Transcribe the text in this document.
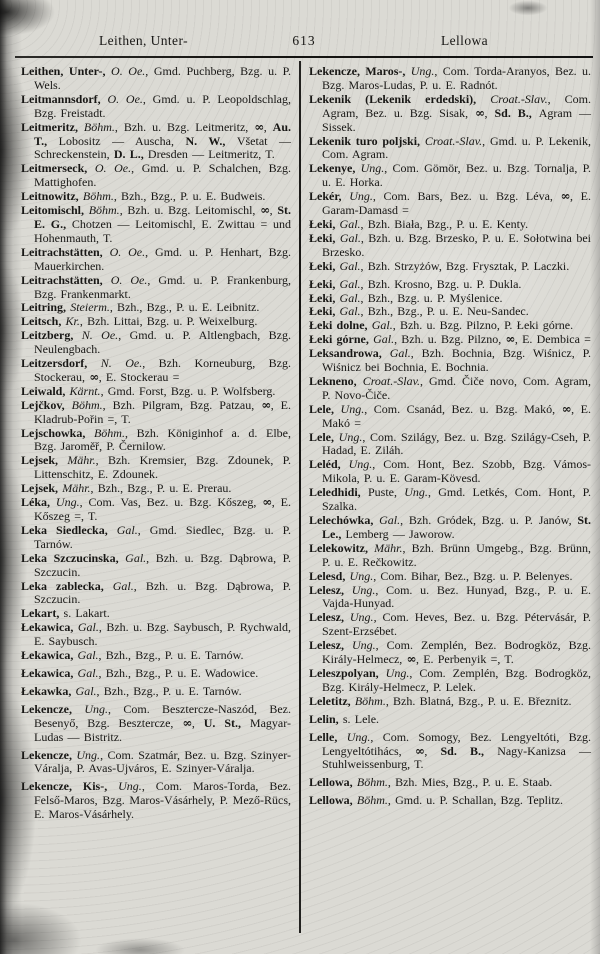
Leithen, Unter-	613	Lellowa

Leithen, Unter-, O. Oe., Gmd. Puchberg, Bzg. u. P. Wels.

Leitmannsdorf, O. Oe., Gmd. u. P. Leopoldschlag, Bzg. Freistadt.

Leitmeritz, Böhm., Bzh. u. Bzg. Leitmeritz, ∞, Au. T., Lobositz — Auscha, N. W., Všetat — Schreckenstein, D. L., Dresden — Leitmeritz, T.

Leitmerseck, O. Oe., Gmd. u. P. Schalchen, Bzg. Mattighofen.

Leitnowitz, Böhm., Bzh., Bzg., P. u. E. Budweis.

Leitomischl, Böhm., Bzh. u. Bzg. Leitomischl, ∞, St. E. G., Chotzen — Leitomischl, E. Zwittau = und Hohenmauth, T.

Leitrachstätten, O. Oe., Gmd. u. P. Henhart, Bzg. Mauerkirchen.

Leitrachstätten, O. Oe., Gmd. u. P. Frankenburg, Bzg. Frankenmarkt.

Leitring, Steierm., Bzh., Bzg., P. u. E. Leibnitz.

Leitsch, Kr., Bzh. Littai, Bzg. u. P. Weixelburg.

Leitzberg, N. Oe., Gmd. u. P. Altlengbach, Bzg. Neulengbach.

Leitzersdorf, N. Oe., Bzh. Korneuburg, Bzg. Stockerau, ∞, E. Stockerau =

Leiwald, Kärnt., Gmd. Forst, Bzg. u. P. Wolfsberg.

Lejčkov, Böhm., Bzh. Pilgram, Bzg. Patzau, ∞, E. Kladrub-Pořin =, T.

Lejschowka, Böhm., Bzh. Königinhof a. d. Elbe, Bzg. Jaroměř, P. Černilow.

Lejsek, Mähr., Bzh. Kremsier, Bzg. Zdounek, P. Littenschitz, E. Zdounek.

Lejsek, Mähr., Bzh., Bzg., P. u. E. Prerau.

Léka, Ung., Com. Vas, Bez. u. Bzg. Kőszeg, ∞, E. Kőszeg =, T.

Leka Siedlecka, Gal., Gmd. Siedlec, Bzg. u. P. Tarnów.

Leka Szczucinska, Gal., Bzh. u. Bzg. Dąbrowa, P. Szczucin.

Leka zablecka, Gal., Bzh. u. Bzg. Dąbrowa, P. Szczucin.

Lekart, s. Lakart.

Łekawica, Gal., Bzh. u. Bzg. Saybusch, P. Rychwald, E. Saybusch.

Łekawica, Gal., Bzh., Bzg., P. u. E. Tarnów.

Łekawica, Gal., Bzh., Bzg., P. u. E. Wadowice.

Łekawka, Gal., Bzh., Bzg., P. u. E. Tarnów.

Lekencze, Ung., Com. Besztercze-Naszód, Bez. Besenyő, Bzg. Besztercze, ∞, U. St., Magyar-Ludas — Bistritz.

Lekencze, Ung., Com. Szatmár, Bez. u. Bzg. Szinyer-Váralja, P. Avas-Ujváros, E. Szinyer-Váralja.

Lekencze, Kis-, Ung., Com. Maros-Torda, Bez. Felső-Maros, Bzg. Maros-Vásárhely, P. Mező-Rücs, E. Maros-Vásárhely.

Lekencze, Maros-, Ung., Com. Torda-Aranyos, Bez. u. Bzg. Maros-Ludas, P. u. E. Radnót.

Lekenik (Lekenik erdedski), Croat.-Slav., Com. Agram, Bez. u. Bzg. Sisak, ∞, Sd. B., Agram — Sissek.

Lekenik turo poljski, Croat.-Slav., Gmd. u. P. Lekenik, Com. Agram.

Lekenye, Ung., Com. Gömör, Bez. u. Bzg. Tornalja, P. u. E. Horka.

Lekér, Ung., Com. Bars, Bez. u. Bzg. Léva, ∞, E. Garam-Damasd =

Łeki, Gal., Bzh. Biała, Bzg., P. u. E. Kenty.

Łeki, Gal., Bzh. u. Bzg. Brzesko, P. u. E. Sołotwina bei Brzesko.

Łeki, Gal., Bzh. Strzyżów, Bzg. Frysztak, P. Laczki.

Łeki, Gal., Bzh. Krosno, Bzg. u. P. Dukla.

Łeki, Gal., Bzh., Bzg. u. P. Myślenice.

Łeki, Gal., Bzh., Bzg., P. u. E. Neu-Sandec.

Łeki dolne, Gal., Bzh. u. Bzg. Pilzno, P. Łeki górne.

Łeki górne, Gal., Bzh. u. Bzg. Pilzno, ∞, E. Dembica =

Leksandrowa, Gal., Bzh. Bochnia, Bzg. Wiśnicz, P. Wiśnicz bei Bochnia, E. Bochnia.

Lekneno, Croat.-Slav., Gmd. Čiče novo, Com. Agram, P. Novo-Čiče.

Lele, Ung., Com. Csanád, Bez. u. Bzg. Makó, ∞, E. Makó =

Lele, Ung., Com. Szilágy, Bez. u. Bzg. Szilágy-Cseh, P. Hadad, E. Ziláh.

Leléd, Ung., Com. Hont, Bez. Szobb, Bzg. Vámos-Mikola, P. u. E. Garam-Kövesd.

Leledhidi, Puste, Ung., Gmd. Letkés, Com. Hont, P. Szalka.

Lelechówka, Gal., Bzh. Gródek, Bzg. u. P. Janów, St. Le., Lemberg — Jaworow.

Lelekowitz, Mähr., Bzh. Brünn Umgebg., Bzg. Brünn, P. u. E. Rečkowitz.

Lelesd, Ung., Com. Bihar, Bez., Bzg. u. P. Belenyes.

Lelesz, Ung., Com. u. Bez. Hunyad, Bzg., P. u. E. Vajda-Hunyad.

Lelesz, Ung., Com. Heves, Bez. u. Bzg. Pétervásár, P. Szent-Erzsébet.

Lelesz, Ung., Com. Zemplén, Bez. Bodrogköz, Bzg. Király-Helmecz, ∞, E. Perbenyik =, T.

Leleszpolyan, Ung., Com. Zemplén, Bzg. Bodrogköz, Bzg. Király-Helmecz, P. Lelek.

Leletitz, Böhm., Bzh. Blatná, Bzg., P. u. E. Březnitz.

Lelin, s. Lele.

Lelle, Ung., Com. Somogy, Bez. Lengyeltóti, Bzg. Lengyeltótihács, ∞, Sd. B., Nagy-Kanizsa — Stuhlweissenburg, T.

Lellowa, Böhm., Bzh. Mies, Bzg., P. u. E. Staab.

Lellowa, Böhm., Gmd. u. P. Schallan, Bzg. Teplitz.
